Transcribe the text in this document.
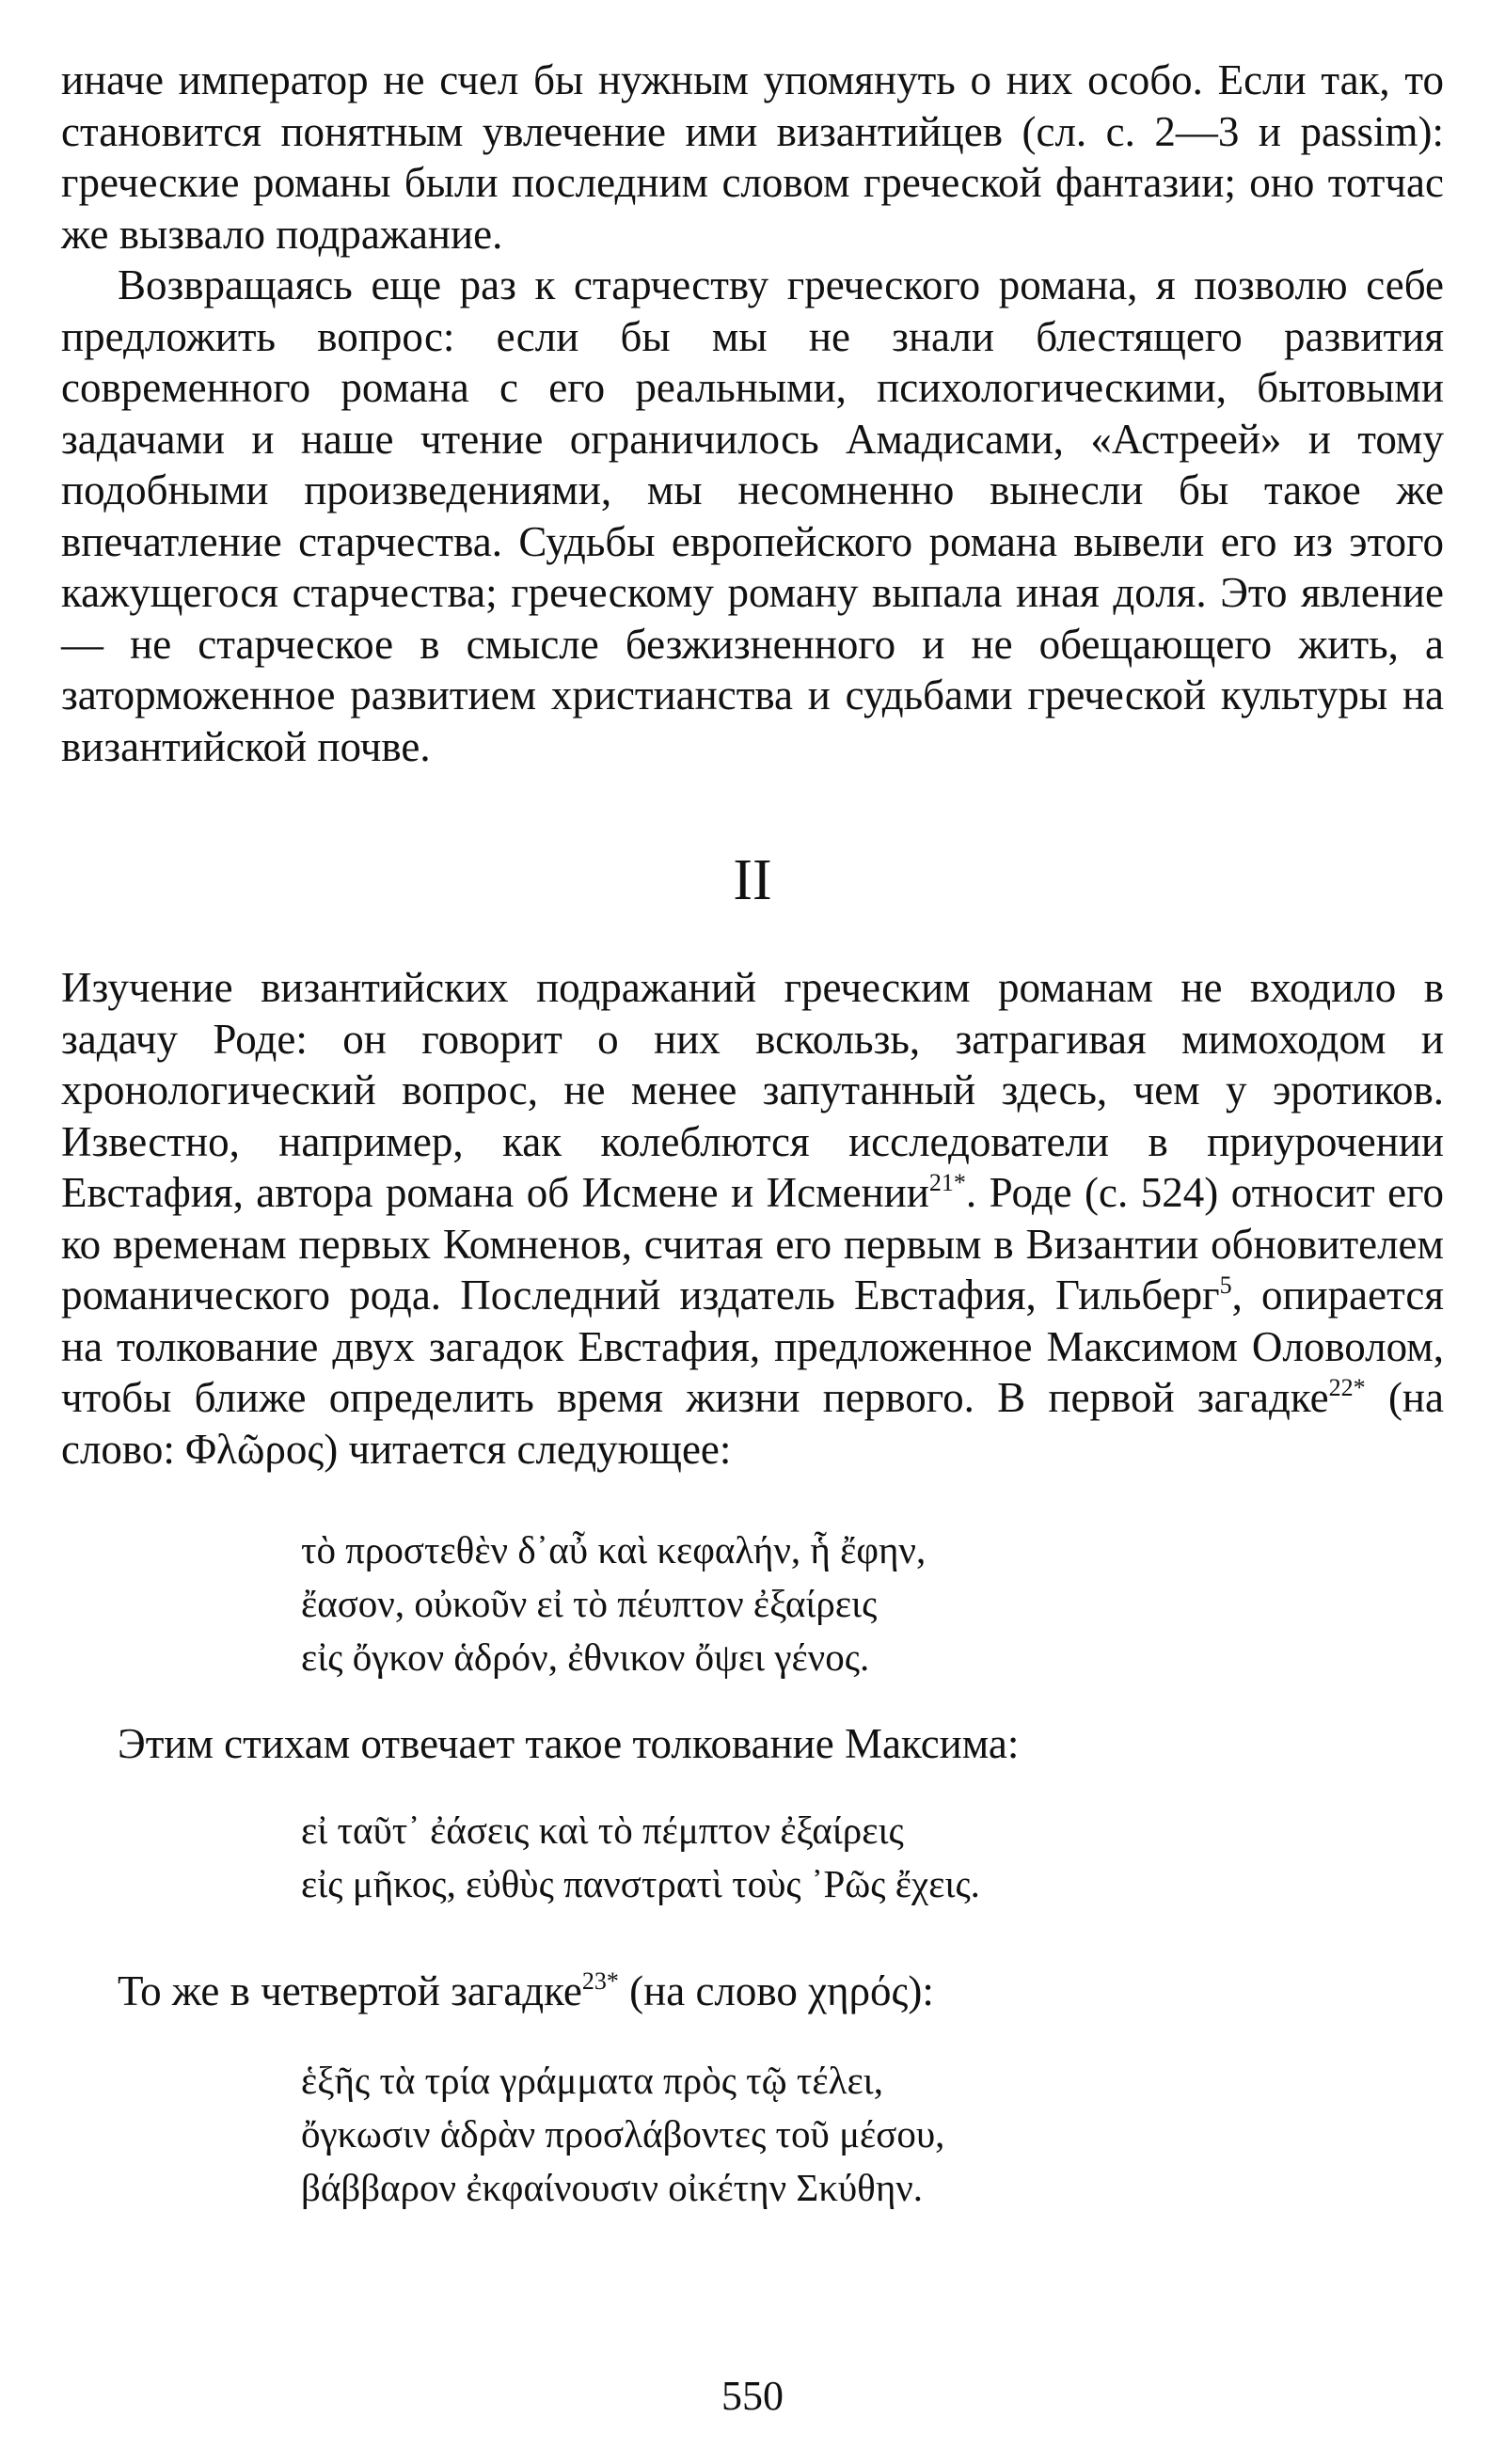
иначе император не счел бы нужным упомянуть о них особо. Если так, то становится понятным увлечение ими византийцев (сл. с. 2—3 и passim): греческие романы были последним словом греческой фантазии; оно тотчас же вызвало подражание.

Возвращаясь еще раз к старчеству греческого романа, я позволю себе предложить вопрос: если бы мы не знали блестящего развития современного романа с его реальными, психологическими, бытовыми задачами и наше чтение ограничилось Амадисами, «Астреей» и тому подобными произведениями, мы несомненно вынесли бы такое же впечатление старчества. Судьбы европейского романа вывели его из этого кажущегося старчества; греческому роману выпала иная доля. Это явление — не старческое в смысле безжизненного и не обещающего жить, а заторможенное развитием христианства и судьбами греческой культуры на византийской почве.

II

Изучение византийских подражаний греческим романам не входило в задачу Роде: он говорит о них вскользь, затрагивая мимоходом и хронологический вопрос, не менее запутанный здесь, чем у эротиков. Известно, например, как колеблются исследователи в приурочении Евстафия, автора романа об Исмене и Исмении$^{21*}$. Роде (с. 524) относит его ко временам первых Комненов, считая его первым в Византии обновителем романического рода. Последний издатель Евстафия, Гильберг$^5$, опирается на толкование двух загадок Евстафия, предложенное Максимом Оловолом, чтобы ближе определить время жизни первого. В первой загадке$^{22*}$ (на слово: Φλῶρος) читается следующее:

τὸ προστεθὲν δ᾽αὖ καὶ κεφαλήν, ἧ ἔφην,
ἔασον, οὐκοῦν εἰ τὸ πέυπτον ἐξαίρεις
εἰς ὄγκον ἁδρόν, ἐθνικον ὄψει γένος.

Этим стихам отвечает такое толкование Максима:

εἰ ταῦτ᾽ ἐάσεις καὶ τὸ πέμπτον ἐξαίρεις
εἰς μῆκος, εὐθὺς πανστρατὶ τοὺς ᾽Ρῶς ἔχεις.

То же в четвертой загадке$^{23*}$ (на слово χηρός):

ἑξῆς τὰ τρία γράμματα πρὸς τῷ τέλει,
ὄγκωσιν ἁδρὰν προσλάβοντες τοῦ μέσου,
βάββαρον ἐκφαίνουσιν οἰκέτην Σκύθην.
550
